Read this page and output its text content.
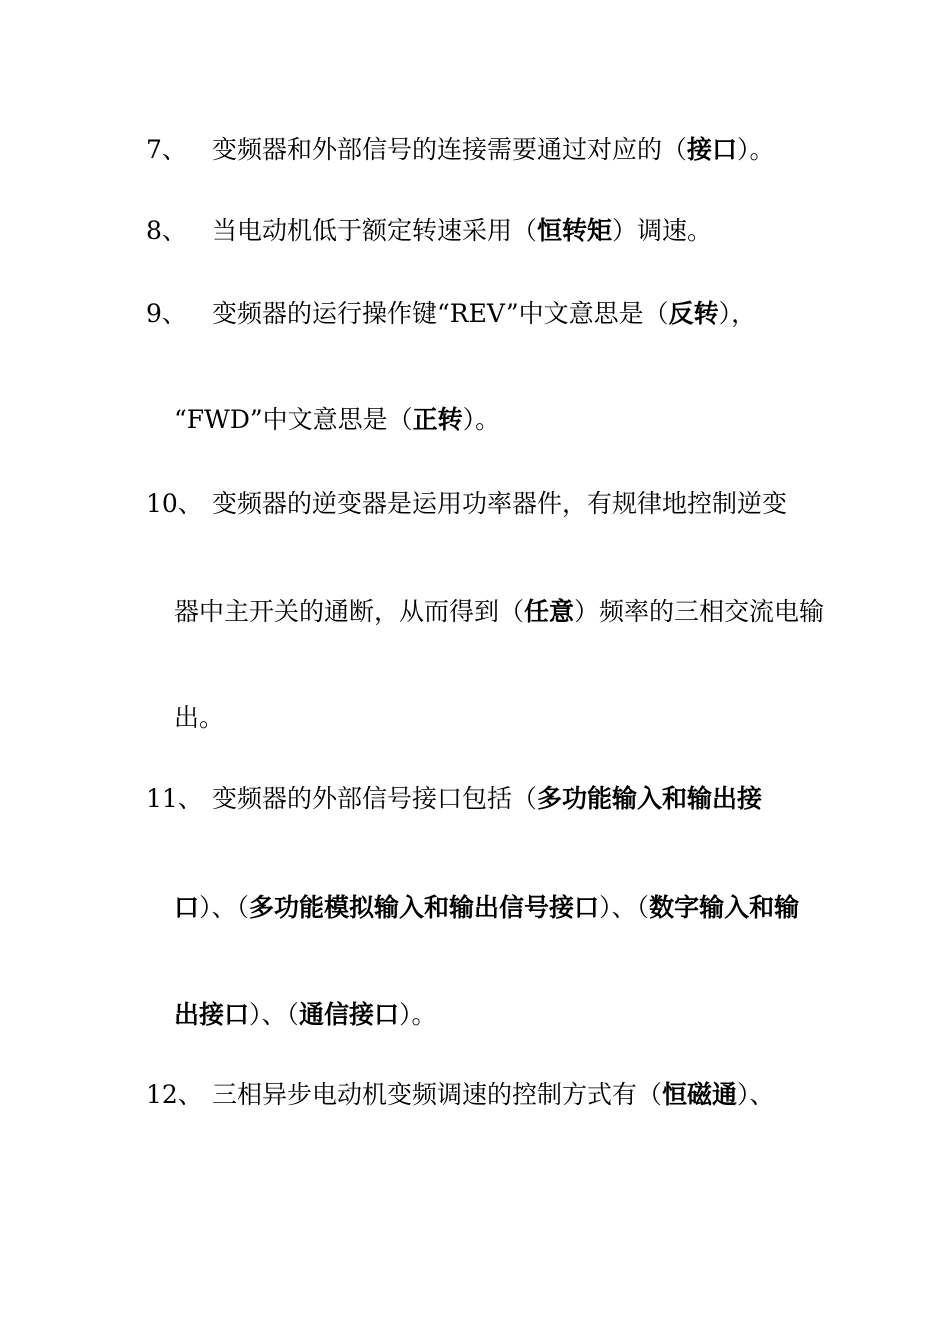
7、	变频器和外部信号的连接需要通过对应的（接口）。
8、	当电动机低于额定转速采用（恒转矩）调速。
9、	变频器的运行操作键“REV”中文意思是（反转），
“FWD”中文意思是（正转）。
10、 变频器的逆变器是运用功率器件，有规律地控制逆变
器中主开关的通断，从而得到（任意）频率的三相交流电输
出。
11、 变频器的外部信号接口包括（多功能输入和输出接
口）、（多功能模拟输入和输出信号接口）、（数字输入和输
出接口）、（通信接口）。
12、 三相异步电动机变频调速的控制方式有（恒磁通）、
